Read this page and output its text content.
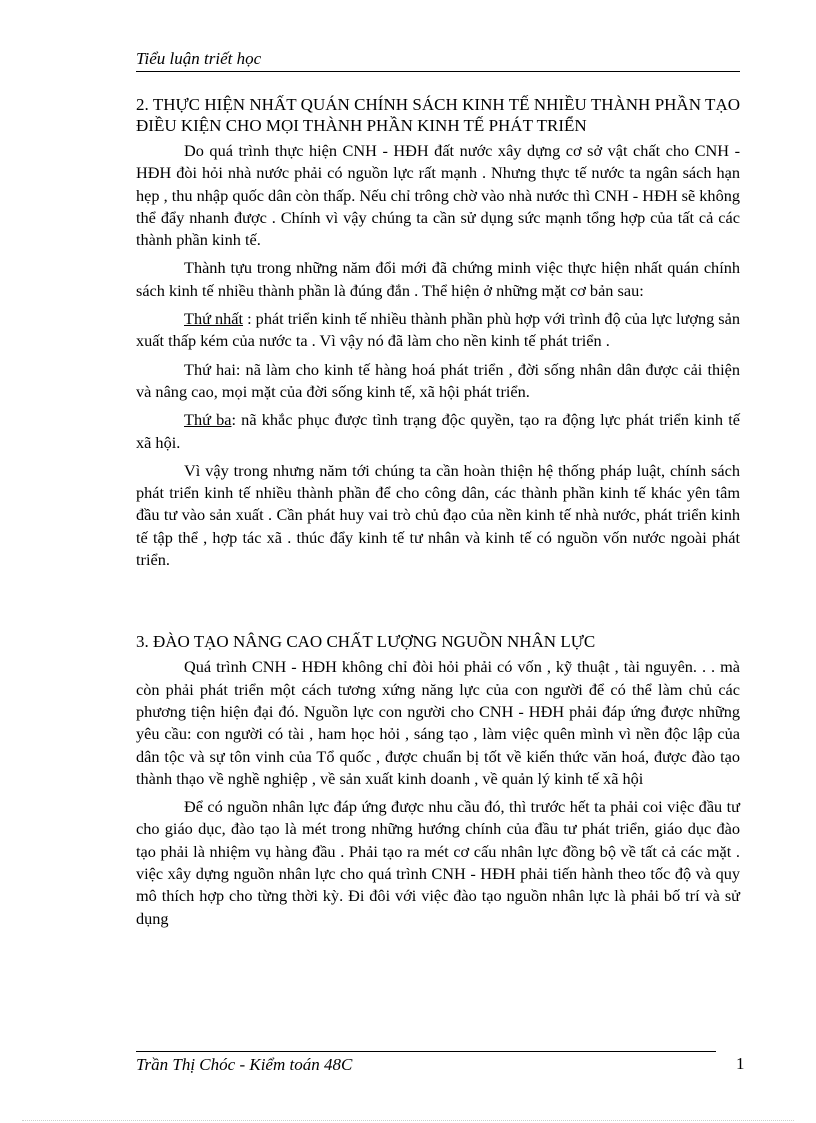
Tiểu luận triết học

2. THỰC HIỆN NHẤT QUÁN CHÍNH SÁCH KINH TẾ NHIỀU THÀNH PHẦN TẠO ĐIỀU KIỆN CHO MỌI THÀNH PHẦN KINH TẾ PHÁT TRIỂN

Do quá trình thực hiện CNH - HĐH đất nước xây dựng cơ sở vật chất cho CNH - HĐH đòi hỏi nhà nước phải có nguồn lực rất mạnh . Nhưng thực tế nước ta ngân sách hạn hẹp , thu nhập quốc dân còn thấp. Nếu chỉ trông chờ vào nhà nước thì CNH - HĐH sẽ không thể đẩy nhanh được . Chính vì vậy chúng ta cần sử dụng sức mạnh tổng hợp của tất cả các thành phần kinh tế.

Thành tựu trong những năm đổi mới đã chứng minh việc thực hiện nhất quán chính sách kinh tế nhiều thành phần là đúng đắn . Thể hiện ở những mặt cơ bản sau:

Thứ nhất : phát triển kinh tế nhiều thành phần phù hợp với trình độ của lực lượng sản xuất thấp kém của nước ta . Vì vậy nó đã làm cho nền kinh tế phát triển .

Thứ hai: nã làm cho kinh tế hàng hoá phát triển , đời sống nhân dân được cải thiện và nâng cao, mọi mặt của đời sống kinh tế, xã hội phát triển.

Thứ ba: nã khắc phục được tình trạng độc quyền, tạo ra động lực phát triển kinh tế xã hội.

Vì vậy trong nhưng năm tới chúng ta cần hoàn thiện hệ thống pháp luật, chính sách phát triển kinh tế nhiều thành phần để cho công dân, các thành phần kinh tế khác yên tâm đầu tư vào sản xuất . Cần phát huy vai trò chủ đạo của nền kinh tế nhà nước, phát triển kinh tế tập thể , hợp tác xã . thúc đẩy kinh tế tư nhân và kinh tế có nguồn vốn nước ngoài phát triển.

3. ĐÀO TẠO NÂNG CAO CHẤT LƯỢNG NGUỒN NHÂN LỰC

Quá trình CNH - HĐH không chỉ đòi hỏi phải có vốn , kỹ thuật , tài nguyên. . . mà còn phải phát triển một cách tương xứng năng lực của con người để có thể làm chủ các phương tiện hiện đại đó. Nguồn lực con người cho CNH - HĐH phải đáp ứng được những yêu cầu: con người có tài , ham học hỏi , sáng tạo , làm việc quên mình vì nền độc lập của dân tộc và sự tôn vinh của Tổ quốc , được chuẩn bị tốt về kiến thức văn hoá, được đào tạo thành thạo về nghề nghiệp , về sản xuất kinh doanh , về quản lý kinh tế xã hội

Để có nguồn nhân lực đáp ứng được nhu cầu đó, thì trước hết ta phải coi việc đầu tư cho giáo dục, đào tạo là mét trong những hướng chính của đầu tư phát triển, giáo dục đào tạo phải là nhiệm vụ hàng đầu . Phải tạo ra mét cơ cấu nhân lực đồng bộ về tất cả các mặt . việc xây dựng nguồn nhân lực cho quá trình CNH - HĐH phải tiến hành theo tốc độ và quy mô thích hợp cho từng thời kỳ. Đi đôi với việc đào tạo nguồn nhân lực là phải bố trí và sử dụng

Trần Thị Chóc - Kiểm toán 48C	1
